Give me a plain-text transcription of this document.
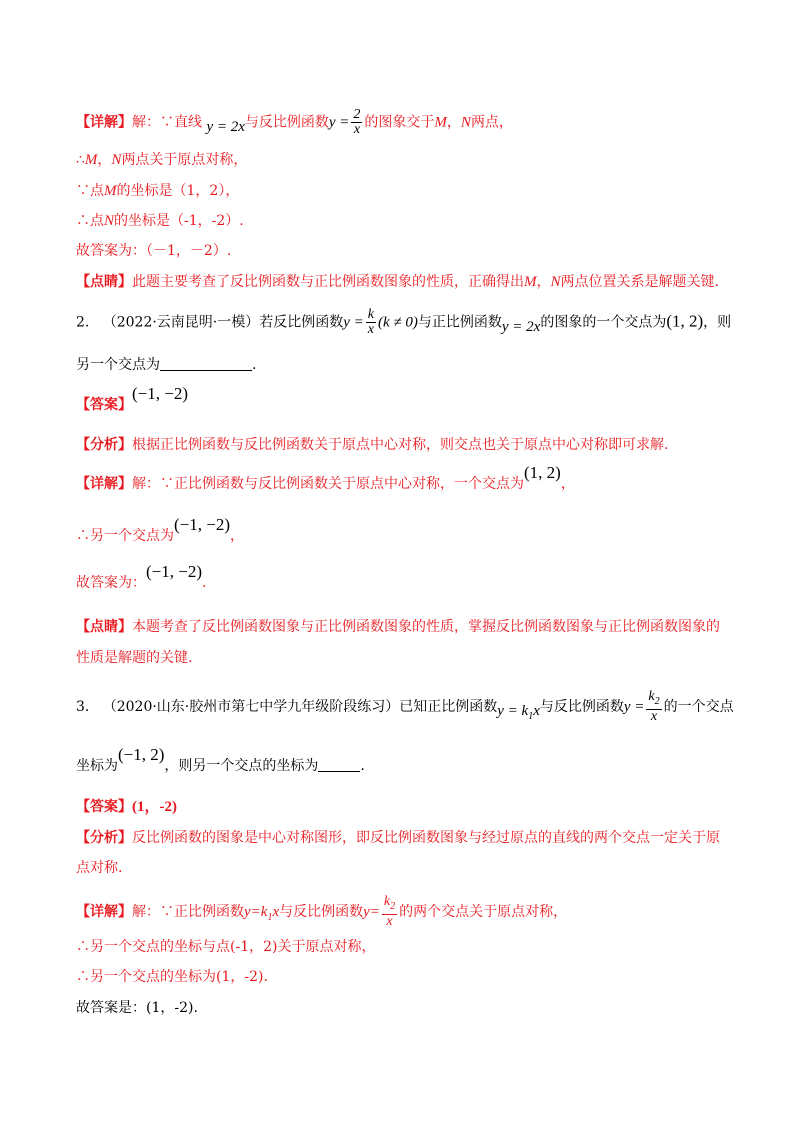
【详解】解：∵直线 y = 2x与反比例函数$y = \frac{2}{x}$ 的图象交于M，N两点，
∴M，N两点关于原点对称，
∵点M的坐标是（1，2），
∴点N的坐标是（-1，-2）.
故答案为：（－1，－2）.
【点睛】此题主要考查了反比例函数与正比例函数图象的性质，正确得出M，N两点位置关系是解题关键.
2. （2022·云南昆明·一模）若反比例函数$y = \frac{k}{x} (k \ne 0)$与正比例函数y = 2x的图象的一个交点为(1, 2)，则
另一个交点为	.
【答案】(−1, −2)
【分析】根据正比例函数与反比例函数关于原点中心对称，则交点也关于原点中心对称即可求解.
【详解】解：∵正比例函数与反比例函数关于原点中心对称，一个交点为(1, 2)，
∴另一个交点为(−1, −2)，
故答案为：(−1, −2).
【点睛】本题考查了反比例函数图象与正比例函数图象的性质，掌握反比例函数图象与正比例函数图象的
性质是解题的关键.
3. （2020·山东·胶州市第七中学九年级阶段练习）已知正比例函数$y = k_1x$与反比例函数$y = \frac{k_2}{x}$ 的一个交点
坐标为(−1, 2)，则另一个交点的坐标为	.
【答案】(1，-2)
【分析】反比例函数的图象是中心对称图形，即反比例函数图象与经过原点的直线的两个交点一定关于原
点对称.
【详解】解：∵正比例函数$y=k_1x$与反比例函数$y= \frac{k_2}{x}$ 的两个交点关于原点对称，
∴另一个交点的坐标与点(-1，2)关于原点对称，
∴另一个交点的坐标为(1，-2).
故答案是：(1，-2).
